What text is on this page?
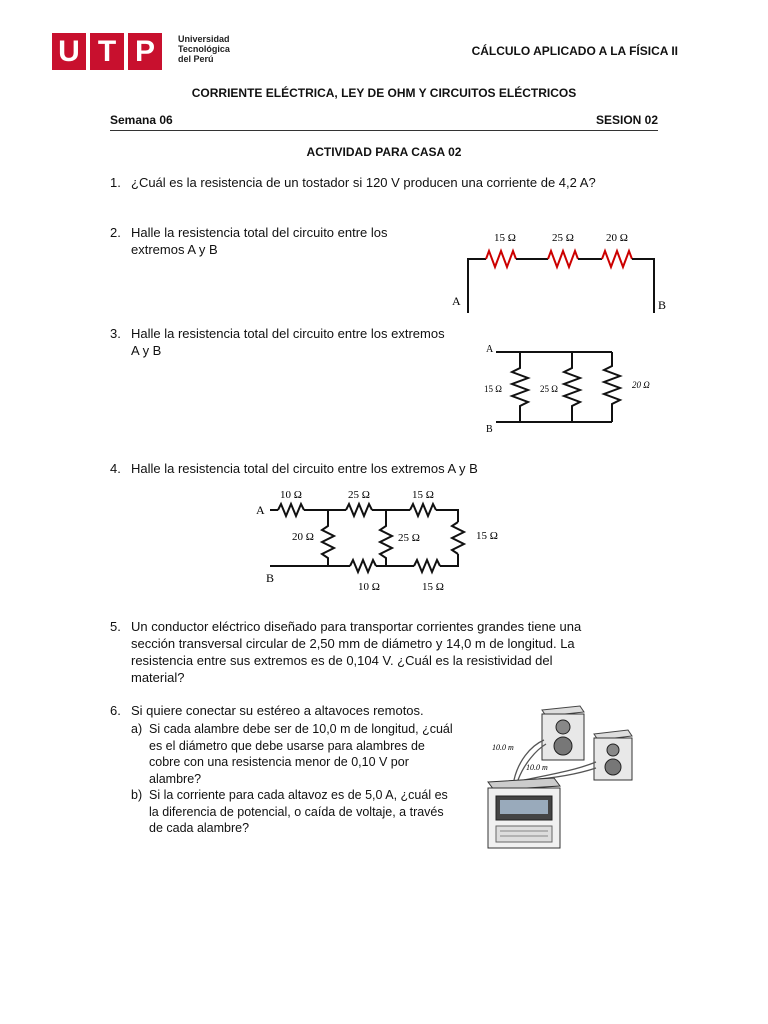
U T P	Universidad
Tecnológica
del Perú
CÁLCULO APLICADO A LA FÍSICA II
CORRIENTE ELÉCTRICA, LEY DE OHM Y CIRCUITOS ELÉCTRICOS
Semana 06	SESION 02
ACTIVIDAD PARA CASA 02
1. ¿Cuál es la resistencia de un tostador si 120 V producen una corriente de 4,2 A?
2. Halle la resistencia total del circuito entre los
extremos A y B
3. Halle la resistencia total del circuito entre los extremos
A y B
4. Halle la resistencia total del circuito entre los extremos A y B
5. Un conductor eléctrico diseñado para transportar corrientes grandes tiene una
sección transversal circular de 2,50 mm de diámetro y 14,0 m de longitud. La
resistencia entre sus extremos es de 0,104 V. ¿Cuál es la resistividad del
material?
6. Si quiere conectar su estéreo a altavoces remotos.
a) Si cada alambre debe ser de 10,0 m de longitud, ¿cuál
es el diámetro que debe usarse para alambres de
cobre con una resistencia menor de 0,10 V por
alambre?
b) Si la corriente para cada altavoz es de 5,0 A, ¿cuál es
la diferencia de potencial, o caída de voltaje, a través
de cada alambre?
15 Ω	25 Ω	20 Ω
A	B
15 Ω	25 Ω	20 Ω
A
B
10 Ω	25 Ω	15 Ω
20 Ω	25 Ω	15 Ω
10 Ω	15 Ω
A
B
10.0 m
10.0 m
